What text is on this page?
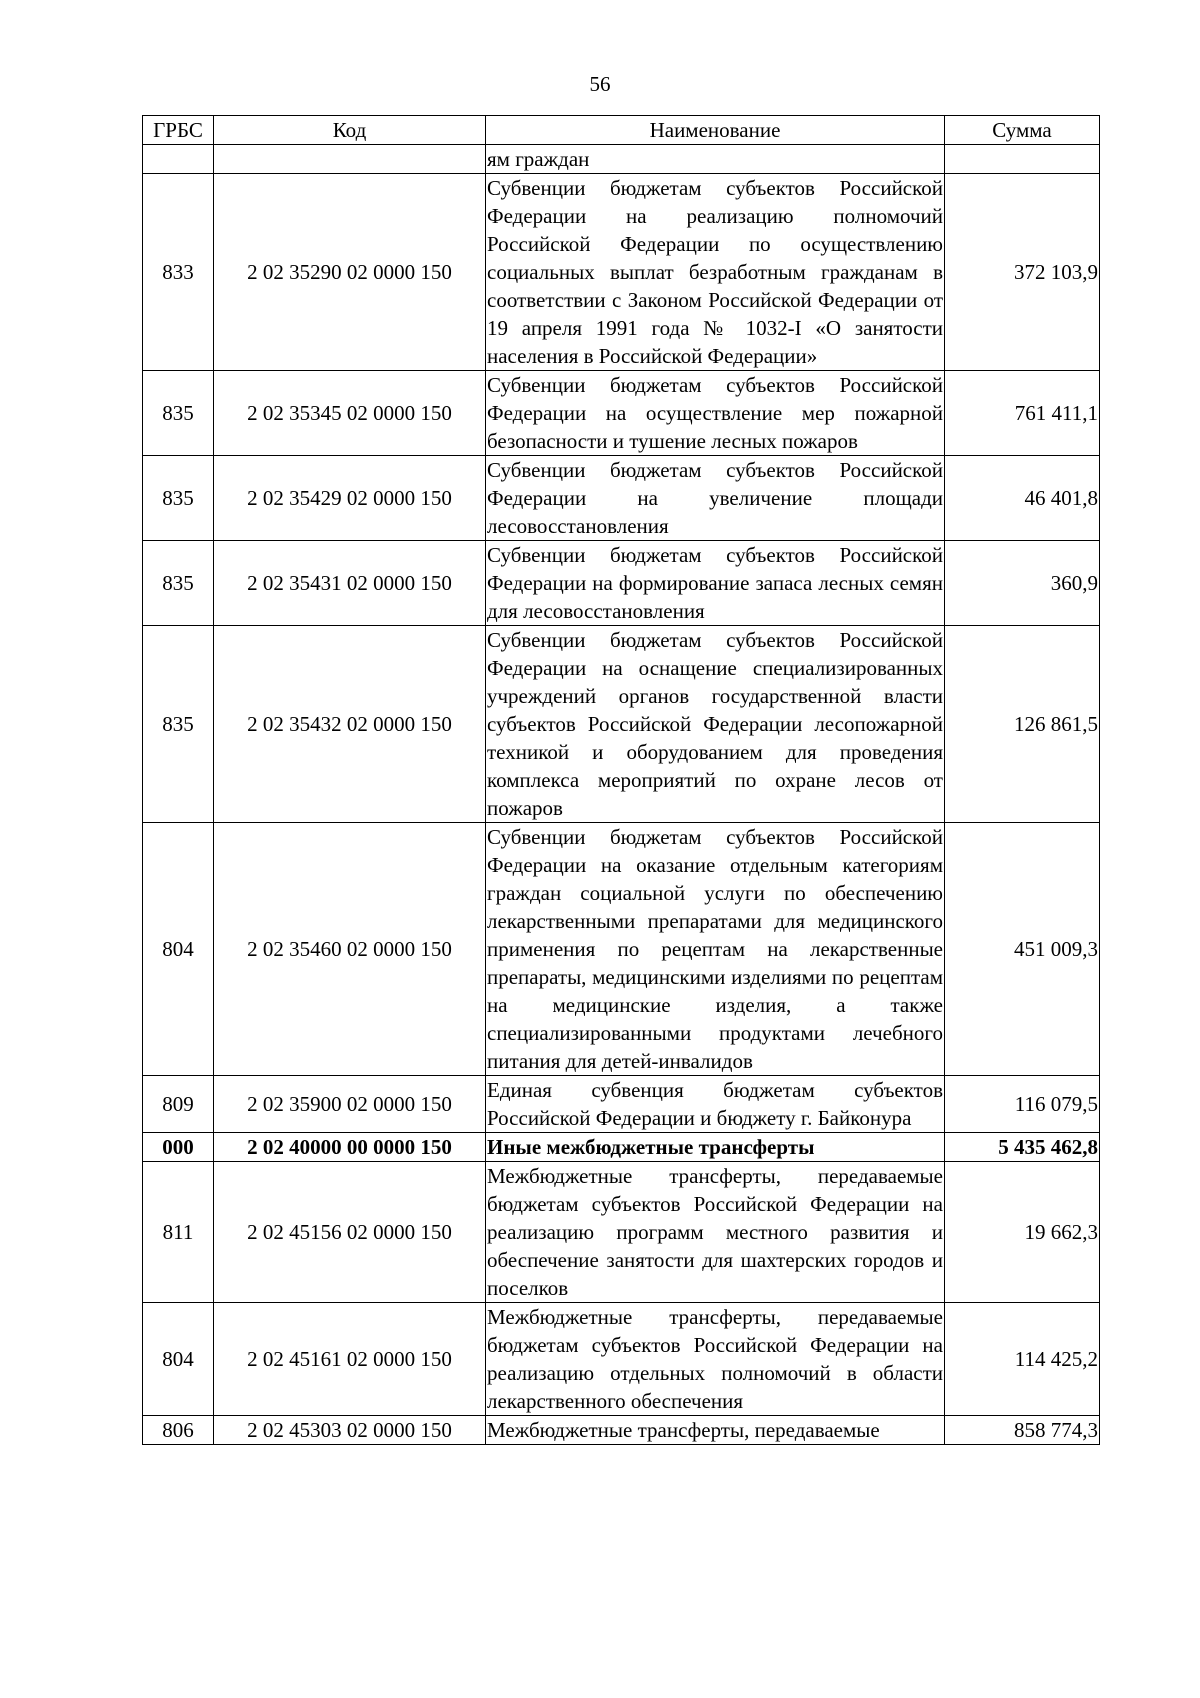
56
ГРБС	Код	Наименование	Сумма
		ям граждан	
833	2 02 35290 02 0000 150	Субвенции бюджетам субъектов Российской Федерации на реализацию полномочий Российской Федерации по осуществлению социальных выплат безработным гражданам в соответствии с Законом Российской Федерации от 19 апреля 1991 года № 1032-I «О занятости населения в Российской Федерации»	372 103,9
835	2 02 35345 02 0000 150	Субвенции бюджетам субъектов Российской Федерации на осуществление мер пожарной безопасности и тушение лесных пожаров	761 411,1
835	2 02 35429 02 0000 150	Субвенции бюджетам субъектов Российской Федерации на увеличение площади лесовосстановления	46 401,8
835	2 02 35431 02 0000 150	Субвенции бюджетам субъектов Российской Федерации на формирование запаса лесных семян для лесовосстановления	360,9
835	2 02 35432 02 0000 150	Субвенции бюджетам субъектов Российской Федерации на оснащение специализированных учреждений органов государственной власти субъектов Российской Федерации лесопожарной техникой и оборудованием для проведения комплекса мероприятий по охране лесов от пожаров	126 861,5
804	2 02 35460 02 0000 150	Субвенции бюджетам субъектов Российской Федерации на оказание отдельным категориям граждан социальной услуги по обеспечению лекарственными препаратами для медицинского применения по рецептам на лекарственные препараты, медицинскими изделиями по рецептам на медицинские изделия, а также специализированными продуктами лечебного питания для детей-инвалидов	451 009,3
809	2 02 35900 02 0000 150	Единая субвенция бюджетам субъектов Российской Федерации и бюджету г. Байконура	116 079,5
000	2 02 40000 00 0000 150	Иные межбюджетные трансферты	5 435 462,8
811	2 02 45156 02 0000 150	Межбюджетные трансферты, передаваемые бюджетам субъектов Российской Федерации на реализацию программ местного развития и обеспечение занятости для шахтерских городов и поселков	19 662,3
804	2 02 45161 02 0000 150	Межбюджетные трансферты, передаваемые бюджетам субъектов Российской Федерации на реализацию отдельных полномочий в области лекарственного обеспечения	114 425,2
806	2 02 45303 02 0000 150	Межбюджетные трансферты, передаваемые	858 774,3
